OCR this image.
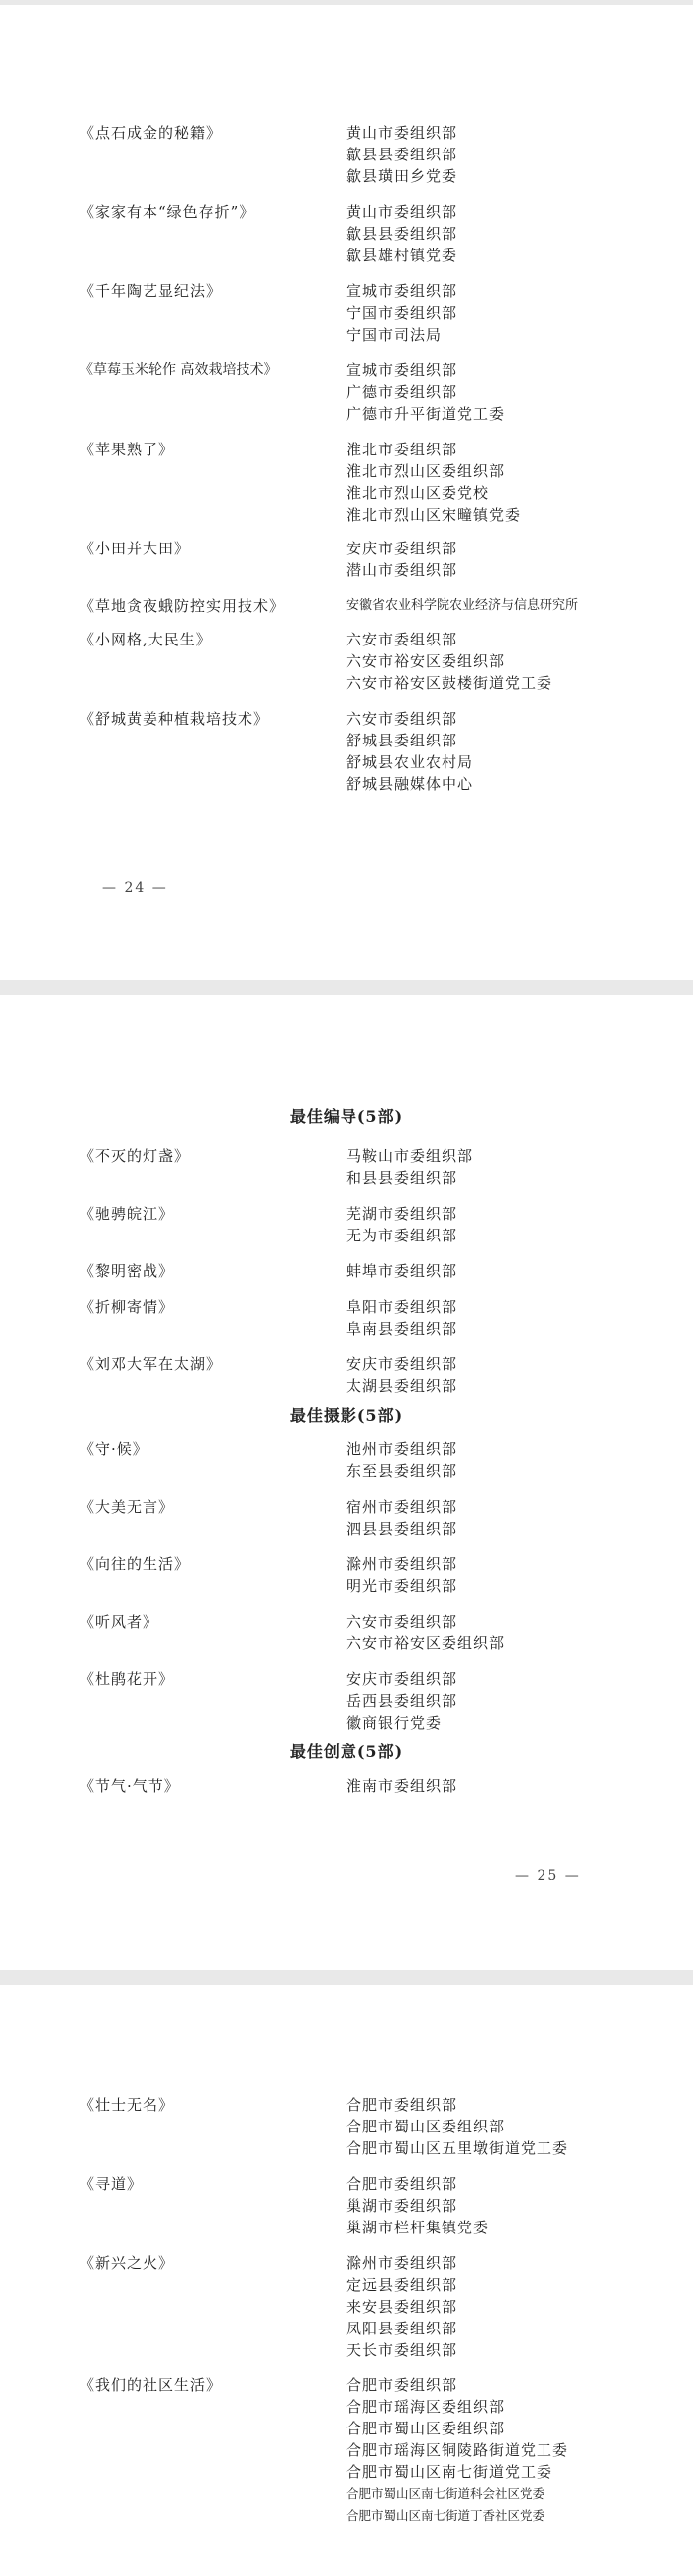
《点石成金的秘籍》	黄山市委组织部
歙县县委组织部
歙县璜田乡党委
《家家有本“绿色存折”》	黄山市委组织部
歙县县委组织部
歙县雄村镇党委
《千年陶艺显纪法》	宣城市委组织部
宁国市委组织部
宁国市司法局
《草莓玉米轮作 高效栽培技术》	宣城市委组织部
广德市委组织部
广德市升平街道党工委
《苹果熟了》	淮北市委组织部
淮北市烈山区委组织部
淮北市烈山区委党校
淮北市烈山区宋疃镇党委
《小田并大田》	安庆市委组织部
潜山市委组织部
《草地贪夜蛾防控实用技术》	安徽省农业科学院农业经济与信息研究所
《小网格,大民生》	六安市委组织部
六安市裕安区委组织部
六安市裕安区鼓楼街道党工委
《舒城黄姜种植栽培技术》	六安市委组织部
舒城县委组织部
舒城县农业农村局
舒城县融媒体中心
— 24 —
最佳编导(5部)
《不灭的灯盏》	马鞍山市委组织部
和县县委组织部
《驰骋皖江》	芜湖市委组织部
无为市委组织部
《黎明密战》	蚌埠市委组织部
《折柳寄情》	阜阳市委组织部
阜南县委组织部
《刘邓大军在太湖》	安庆市委组织部
太湖县委组织部
最佳摄影(5部)
《守·候》	池州市委组织部
东至县委组织部
《大美无言》	宿州市委组织部
泗县县委组织部
《向往的生活》	滁州市委组织部
明光市委组织部
《听风者》	六安市委组织部
六安市裕安区委组织部
《杜鹃花开》	安庆市委组织部
岳西县委组织部
徽商银行党委
最佳创意(5部)
《节气·气节》	淮南市委组织部
— 25 —
《壮士无名》	合肥市委组织部
合肥市蜀山区委组织部
合肥市蜀山区五里墩街道党工委
《寻道》	合肥市委组织部
巢湖市委组织部
巢湖市栏杆集镇党委
《新兴之火》	滁州市委组织部
定远县委组织部
来安县委组织部
凤阳县委组织部
天长市委组织部
《我们的社区生活》	合肥市委组织部
合肥市瑶海区委组织部
合肥市蜀山区委组织部
合肥市瑶海区铜陵路街道党工委
合肥市蜀山区南七街道党工委
合肥市蜀山区南七街道科会社区党委
合肥市蜀山区南七街道丁香社区党委
